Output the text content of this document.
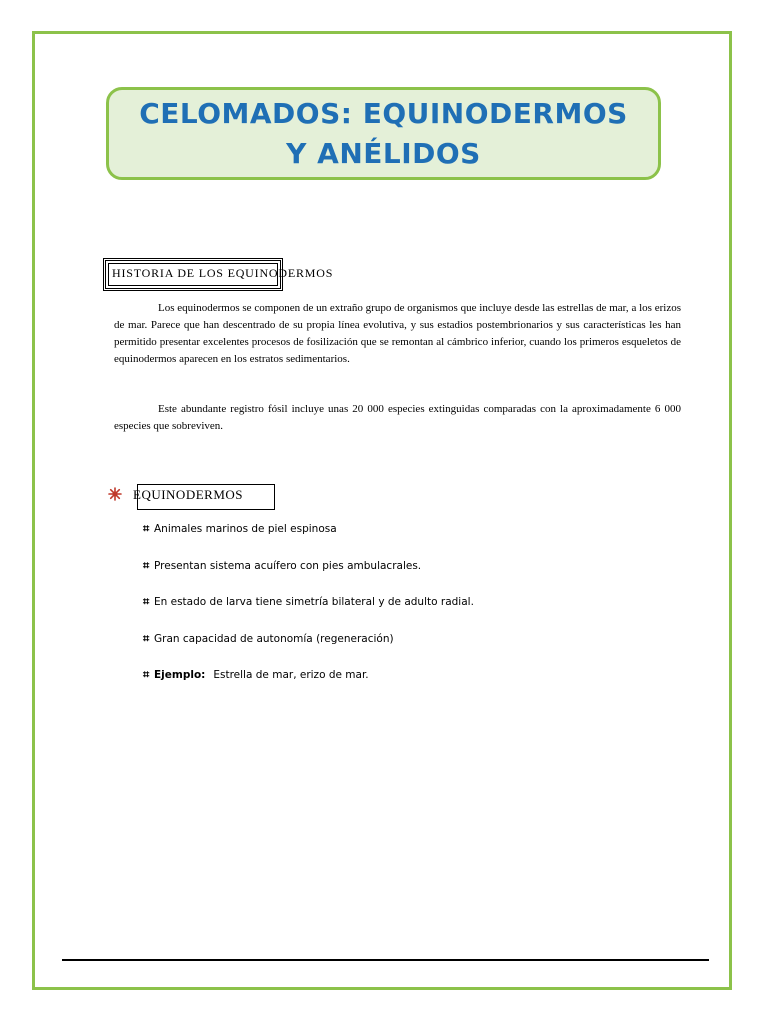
CELOMADOS: EQUINODERMOS
Y ANÉLIDOS
HISTORIA DE LOS EQUINODERMOS

Los equinodermos se componen de un extraño grupo de organismos que incluye desde las estrellas de mar, a los erizos de mar. Parece que han descentrado de su propia línea evolutiva, y sus estadios postembrionarios y sus características les han permitido presentar excelentes procesos de fosilización que se remontan al cámbrico inferior, cuando los primeros esqueletos de equinodermos aparecen en los estratos sedimentarios.

Este abundante registro fósil incluye unas 20 000 especies extinguidas comparadas con la aproximadamente 6 000 especies que sobreviven.

EQUINODERMOS
⌗ Animales marinos de piel espinosa
⌗ Presentan sistema acuífero con pies ambulacrales.
⌗ En estado de larva tiene simetría bilateral y de adulto radial.
⌗ Gran capacidad de autonomía (regeneración)
⌗ Ejemplo: Estrella de mar, erizo de mar.
